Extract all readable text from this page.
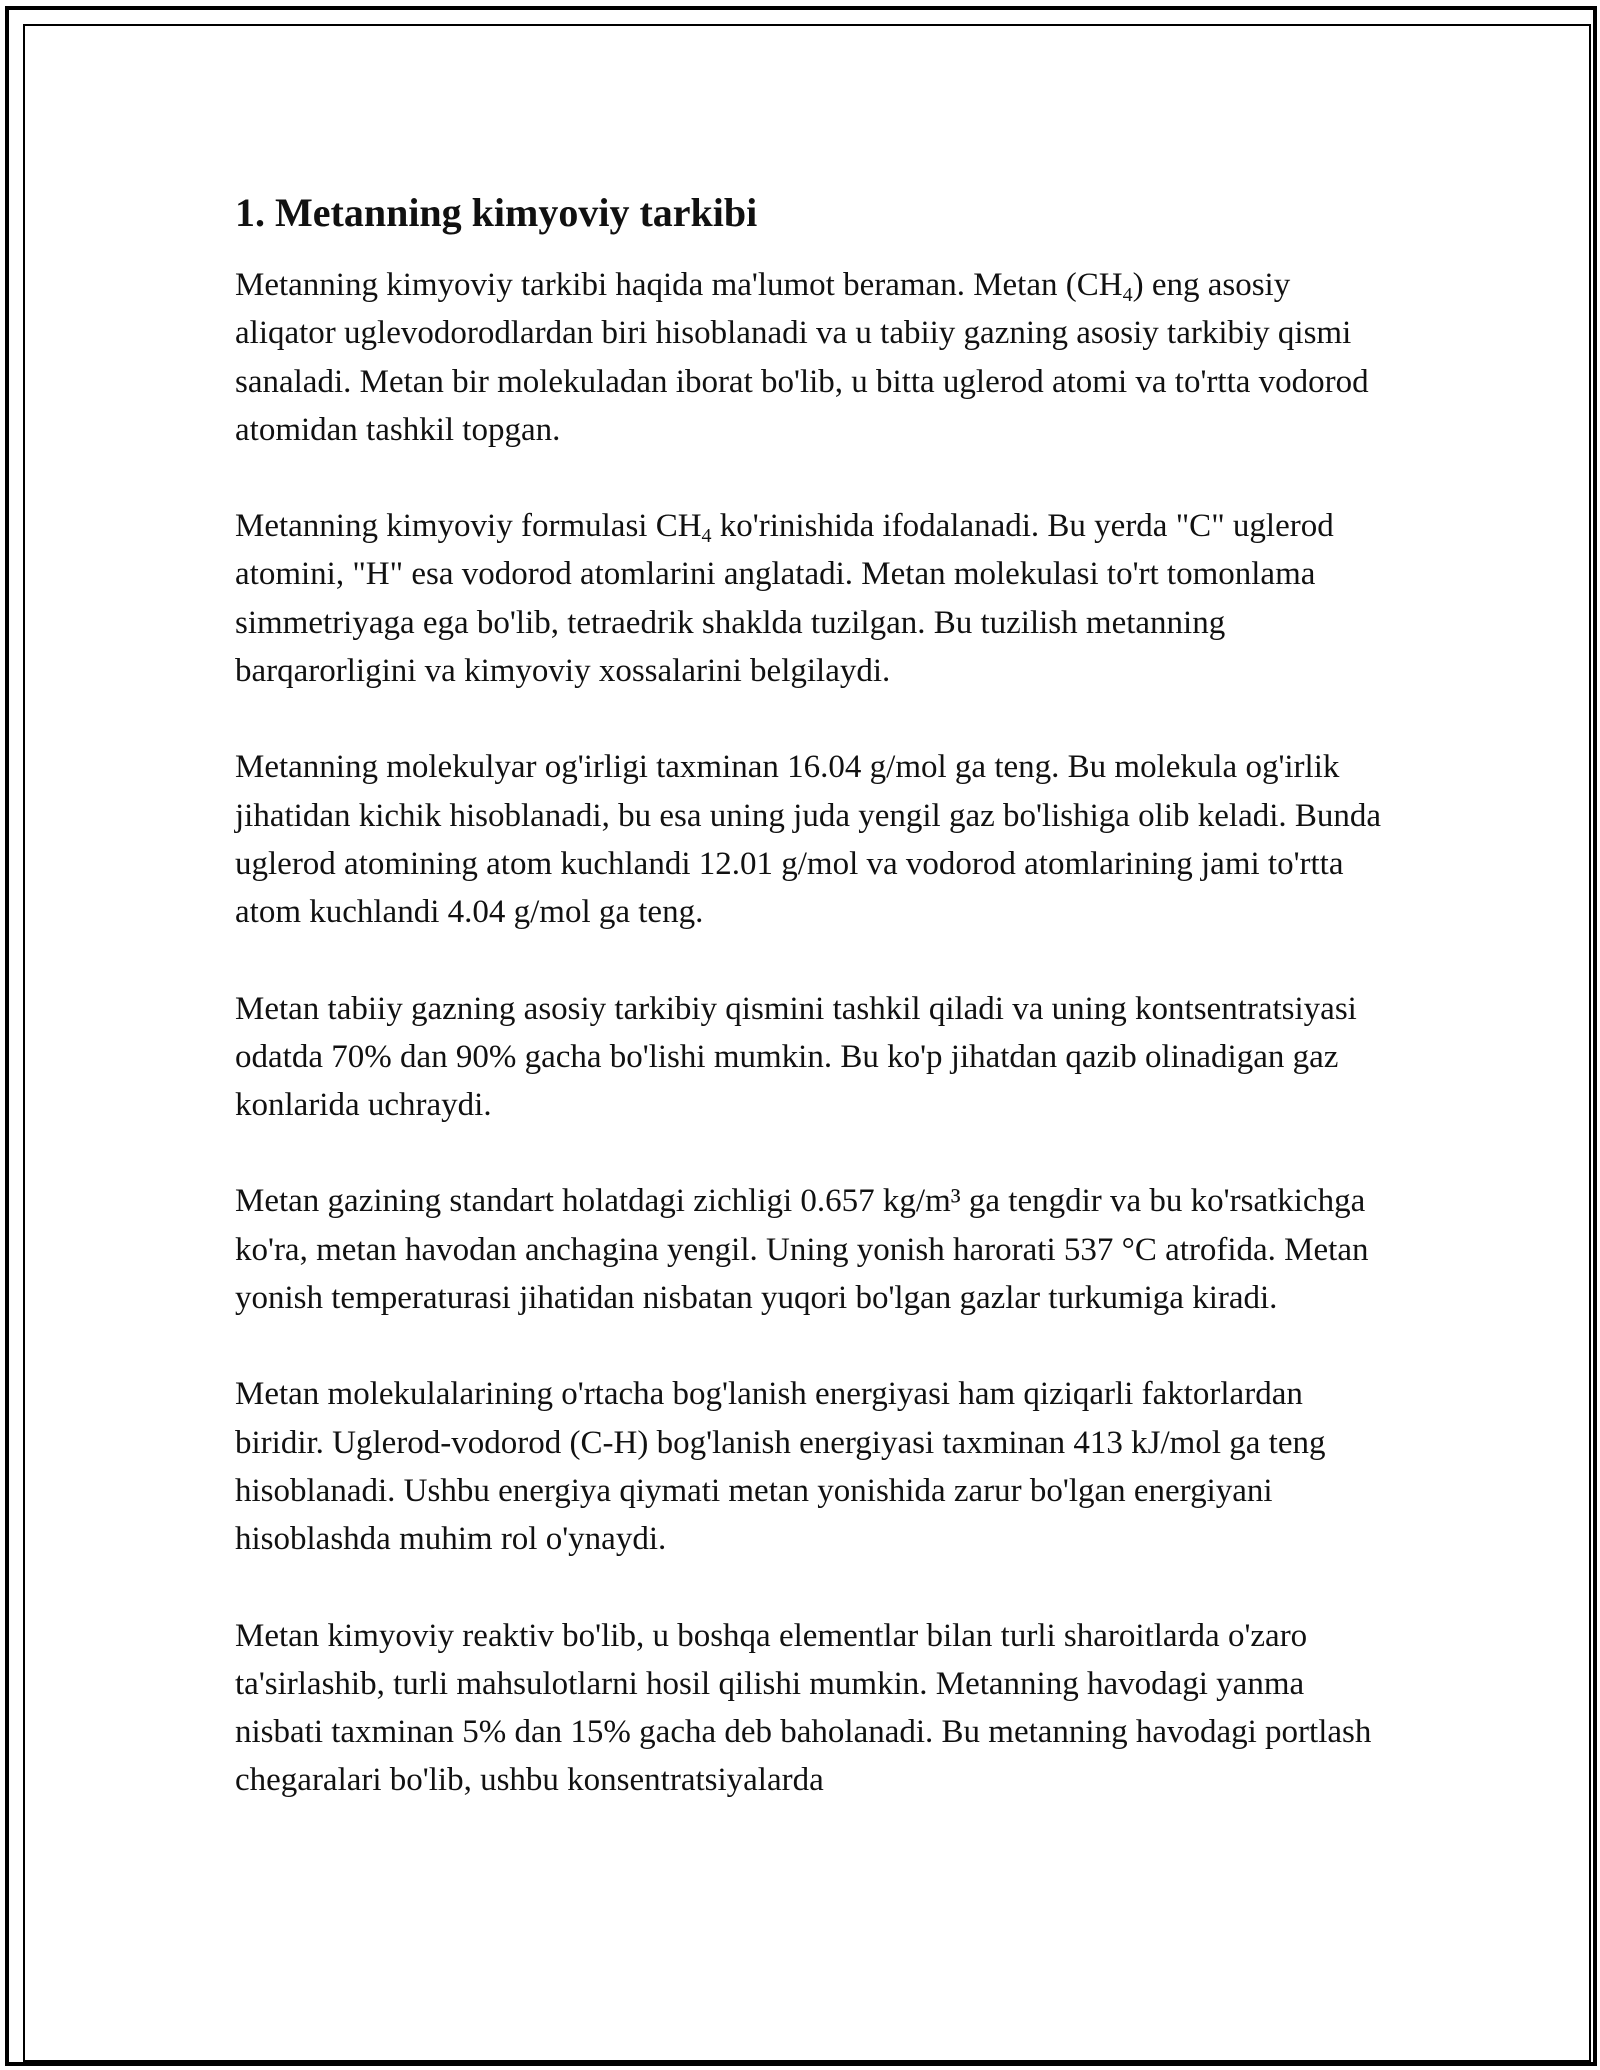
1. Metanning kimyoviy tarkibi

Metanning kimyoviy tarkibi haqida ma'lumot beraman. Metan $(CH_4)$ eng asosiy aliqator uglevodorodlardan biri hisoblanadi va u tabiiy gazning asosiy tarkibiy qismi sanaladi. Metan bir molekuladan iborat bo'lib, u bitta uglerod atomi va to'rtta vodorod atomidan tashkil topgan.

Metanning kimyoviy formulasi $CH_4$ ko'rinishida ifodalanadi. Bu yerda "C" uglerod atomini, "H" esa vodorod atomlarini anglatadi. Metan molekulasi to'rt tomonlama simmetriyaga ega bo'lib, tetraedrik shaklda tuzilgan. Bu tuzilish metanning barqarorligini va kimyoviy xossalarini belgilaydi.

Metanning molekulyar og'irligi taxminan 16.04 g/mol ga teng. Bu molekula og'irlik jihatidan kichik hisoblanadi, bu esa uning juda yengil gaz bo'lishiga olib keladi. Bunda uglerod atomining atom kuchlandi 12.01 g/mol va vodorod atomlarining jami to'rtta atom kuchlandi 4.04 g/mol ga teng.

Metan tabiiy gazning asosiy tarkibiy qismini tashkil qiladi va uning kontsentratsiyasi odatda 70% dan 90% gacha bo'lishi mumkin. Bu ko'p jihatdan qazib olinadigan gaz konlarida uchraydi.

Metan gazining standart holatdagi zichligi 0.657 kg/m³ ga tengdir va bu ko'rsatkichga ko'ra, metan havodan anchagina yengil. Uning yonish harorati 537 °C atrofida. Metan yonish temperaturasi jihatidan nisbatan yuqori bo'lgan gazlar turkumiga kiradi.

Metan molekulalarining o'rtacha bog'lanish energiyasi ham qiziqarli faktorlardan biridir. Uglerod-vodorod (C-H) bog'lanish energiyasi taxminan 413 kJ/mol ga teng hisoblanadi. Ushbu energiya qiymati metan yonishida zarur bo'lgan energiyani hisoblashda muhim rol o'ynaydi.

Metan kimyoviy reaktiv bo'lib, u boshqa elementlar bilan turli sharoitlarda o'zaro ta'sirlashib, turli mahsulotlarni hosil qilishi mumkin. Metanning havodagi yanma nisbati taxminan 5% dan 15% gacha deb baholanadi. Bu metanning havodagi portlash chegaralari bo'lib, ushbu konsentratsiyalarda
